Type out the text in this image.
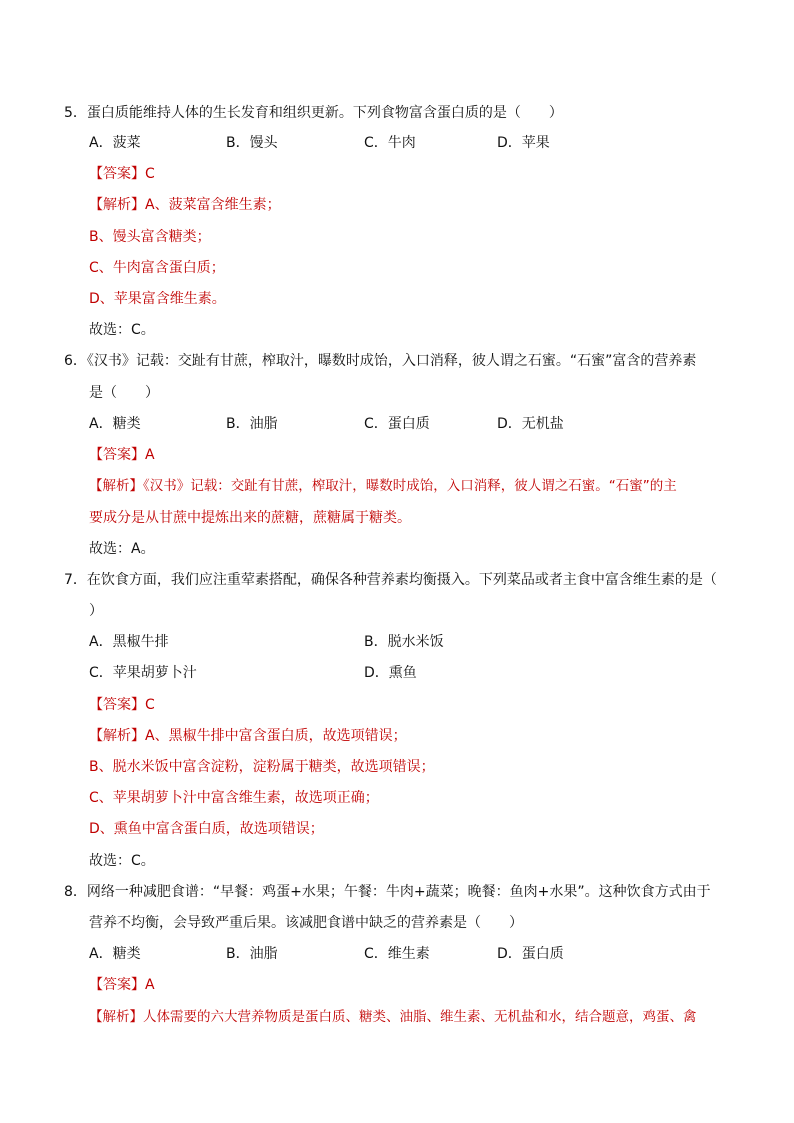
5．蛋白质能维持人体的生长发育和组织更新。下列食物富含蛋白质的是（　　）
A．菠菜	B．馒头	C．牛肉	D．苹果
【答案】C
【解析】A、菠菜富含维生素；
B、馒头富含糖类；
C、牛肉富含蛋白质；
D、苹果富含维生素。
故选：C。
6．《汉书》记载：交趾有甘蔗，榨取汁，曝数时成饴，入口消释，彼人谓之石蜜。“石蜜”富含的营养素
是（　　）
A．糖类	B．油脂	C．蛋白质	D．无机盐
【答案】A
【解析】《汉书》记载：交趾有甘蔗，榨取汁，曝数时成饴，入口消释，彼人谓之石蜜。“石蜜”的主
要成分是从甘蔗中提炼出来的蔗糖，蔗糖属于糖类。
故选：A。
7．在饮食方面，我们应注重荤素搭配，确保各种营养素均衡摄入。下列菜品或者主食中富含维生素的是（
）
A．黑椒牛排	B．脱水米饭
C．苹果胡萝卜汁	D．熏鱼
【答案】C
【解析】A、黑椒牛排中富含蛋白质，故选项错误；
B、脱水米饭中富含淀粉，淀粉属于糖类，故选项错误；
C、苹果胡萝卜汁中富含维生素，故选项正确；
D、熏鱼中富含蛋白质，故选项错误；
故选：C。
8．网络一种减肥食谱：“早餐：鸡蛋+水果；午餐：牛肉+蔬菜；晚餐：鱼肉+水果”。这种饮食方式由于
营养不均衡，会导致严重后果。该减肥食谱中缺乏的营养素是（　　）
A．糖类	B．油脂	C．维生素	D．蛋白质
【答案】A
【解析】人体需要的六大营养物质是蛋白质、糖类、油脂、维生素、无机盐和水，结合题意，鸡蛋、禽
